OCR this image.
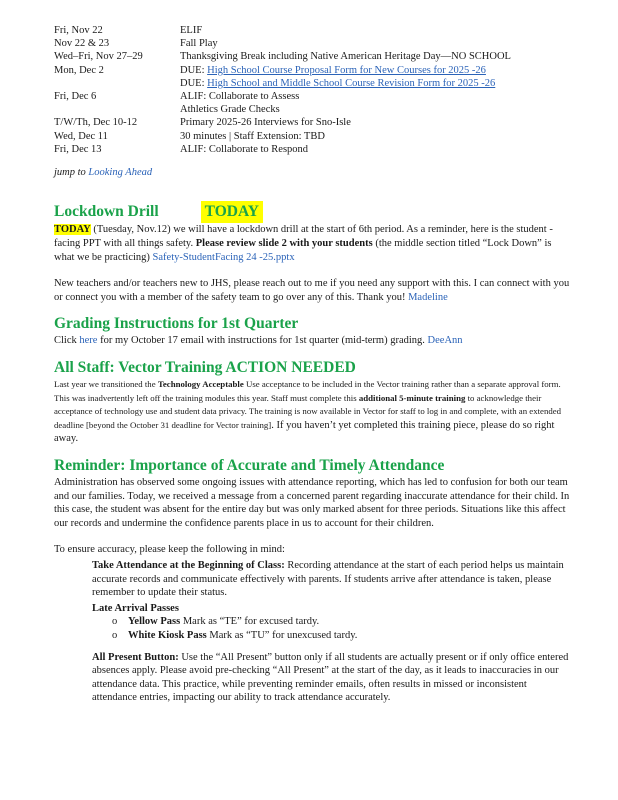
Fri, Nov 22	ELIF
Nov 22 & 23	Fall Play
Wed–Fri, Nov 27–29	Thanksgiving Break including Native American Heritage Day—NO SCHOOL
Mon, Dec 2	DUE: High School Course Proposal Form for New Courses for 2025 -26
DUE: High School and Middle School Course Revision Form for 2025 -26
Fri, Dec 6	ALIF: Collaborate to Assess
Athletics Grade Checks
T/W/Th, Dec 10-12	Primary 2025-26 Interviews for Sno-Isle
Wed, Dec 11	30 minutes | Staff Extension: TBD
Fri, Dec 13	ALIF: Collaborate to Respond

jump to Looking Ahead

Lockdown Drill	TODAY

TODAY (Tuesday, Nov.12) we will have a lockdown drill at the start of 6th period. As a reminder, here is the student -facing PPT with all things safety. Please review slide 2 with your students (the middle section titled “Lock Down” is what we be practicing) Safety-StudentFacing 24 -25.pptx

New teachers and/or teachers new to JHS, please reach out to me if you need any support with this. I can connect with you or connect you with a member of the safety team to go over any of this. Thank you! Madeline

Grading Instructions for 1st Quarter

Click here for my October 17 email with instructions for 1st quarter (mid-term) grading. DeeAnn

All Staff: Vector Training ACTION NEEDED

Last year we transitioned the Technology Acceptable Use acceptance to be included in the Vector training rather than a separate approval form. This was inadvertently left off the training modules this year. Staff must complete this additional 5-minute training to acknowledge their acceptance of technology use and student data privacy. The training is now available in Vector for staff to log in and complete, with an extended deadline [beyond the October 31 deadline for Vector training]. If you haven’t yet completed this training piece, please do so right away.

Reminder: Importance of Accurate and Timely Attendance

Administration has observed some ongoing issues with attendance reporting, which has led to confusion for both our team and our families. Today, we received a message from a concerned parent regarding inaccurate attendance for their child. In this case, the student was absent for the entire day but was only marked absent for three periods. Situations like this affect our records and undermine the confidence parents place in us to account for their children.

To ensure accuracy, please keep the following in mind:

Take Attendance at the Beginning of Class: Recording attendance at the start of each period helps us maintain accurate records and communicate effectively with parents. If students arrive after attendance is taken, please remember to update their status.
Late Arrival Passes
o	Yellow Pass Mark as “TE” for excused tardy.
o	White Kiosk Pass Mark as “TU” for unexcused tardy.
All Present Button: Use the “All Present” button only if all students are actually present or if only office entered absences apply. Please avoid pre-checking “All Present” at the start of the day, as it leads to inaccuracies in our attendance data. This practice, while preventing reminder emails, often results in missed or inconsistent attendance entries, impacting our ability to track attendance accurately.
